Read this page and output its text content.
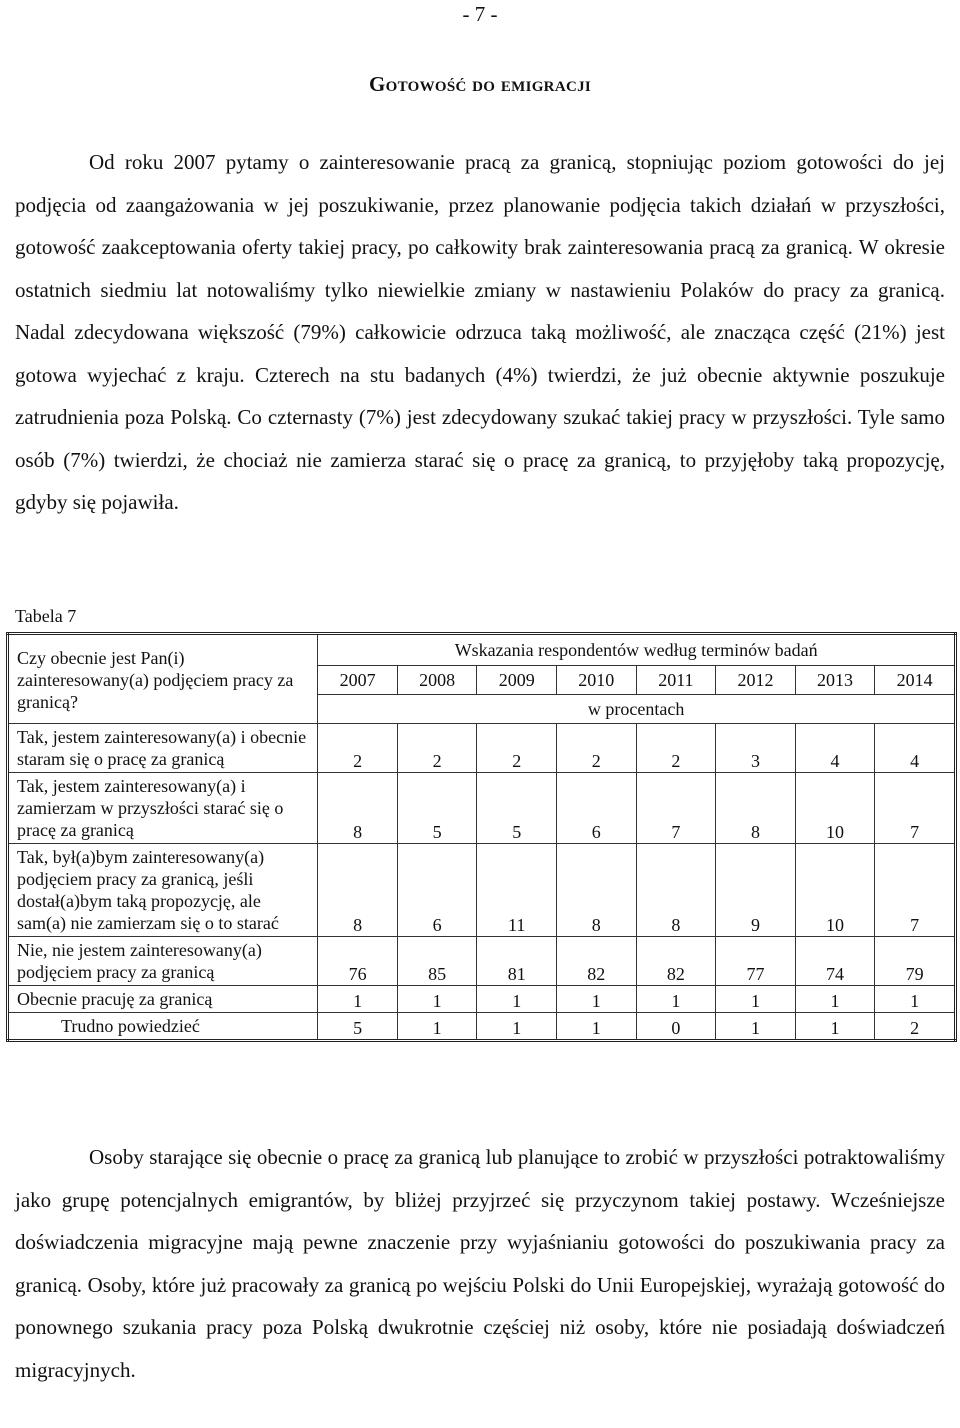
- 7 -
Gotowość do emigracji

Od roku 2007 pytamy o zainteresowanie pracą za granicą, stopniując poziom gotowości do jej podjęcia od zaangażowania w jej poszukiwanie, przez planowanie podjęcia takich działań w przyszłości, gotowość zaakceptowania oferty takiej pracy, po całkowity brak zainteresowania pracą za granicą. W okresie ostatnich siedmiu lat notowaliśmy tylko niewielkie zmiany w nastawieniu Polaków do pracy za granicą. Nadal zdecydowana większość (79%) całkowicie odrzuca taką możliwość, ale znacząca część (21%) jest gotowa wyjechać z kraju. Czterech na stu badanych (4%) twierdzi, że już obecnie aktywnie poszukuje zatrudnienia poza Polską. Co czternasty (7%) jest zdecydowany szukać takiej pracy w przyszłości. Tyle samo osób (7%) twierdzi, że chociaż nie zamierza starać się o pracę za granicą, to przyjęłoby taką propozycję, gdyby się pojawiła.

Tabela 7
Czy obecnie jest Pan(i) zainteresowany(a) podjęciem pracy za granicą?	Wskazania respondentów według terminów badań							
	2007	2008	2009	2010	2011	2012	2013	2014
	w procentach							
Tak, jestem zainteresowany(a) i obecnie staram się o pracę za granicą	2	2	2	2	2	3	4	4
Tak, jestem zainteresowany(a) i zamierzam w przyszłości starać się o pracę za granicą	8	5	5	6	7	8	10	7
Tak, był(a)bym zainteresowany(a) podjęciem pracy za granicą, jeśli dostał(a)bym taką propozycję, ale sam(a) nie zamierzam się o to starać	8	6	11	8	8	9	10	7
Nie, nie jestem zainteresowany(a) podjęciem pracy za granicą	76	85	81	82	82	77	74	79
Obecnie pracuję za granicą	1	1	1	1	1	1	1	1
Trudno powiedzieć	5	1	1	1	0	1	1	2

Osoby starające się obecnie o pracę za granicą lub planujące to zrobić w przyszłości potraktowaliśmy jako grupę potencjalnych emigrantów, by bliżej przyjrzeć się przyczynom takiej postawy. Wcześniejsze doświadczenia migracyjne mają pewne znaczenie przy wyjaśnianiu gotowości do poszukiwania pracy za granicą. Osoby, które już pracowały za granicą po wejściu Polski do Unii Europejskiej, wyrażają gotowość do ponownego szukania pracy poza Polską dwukrotnie częściej niż osoby, które nie posiadają doświadczeń migracyjnych.
